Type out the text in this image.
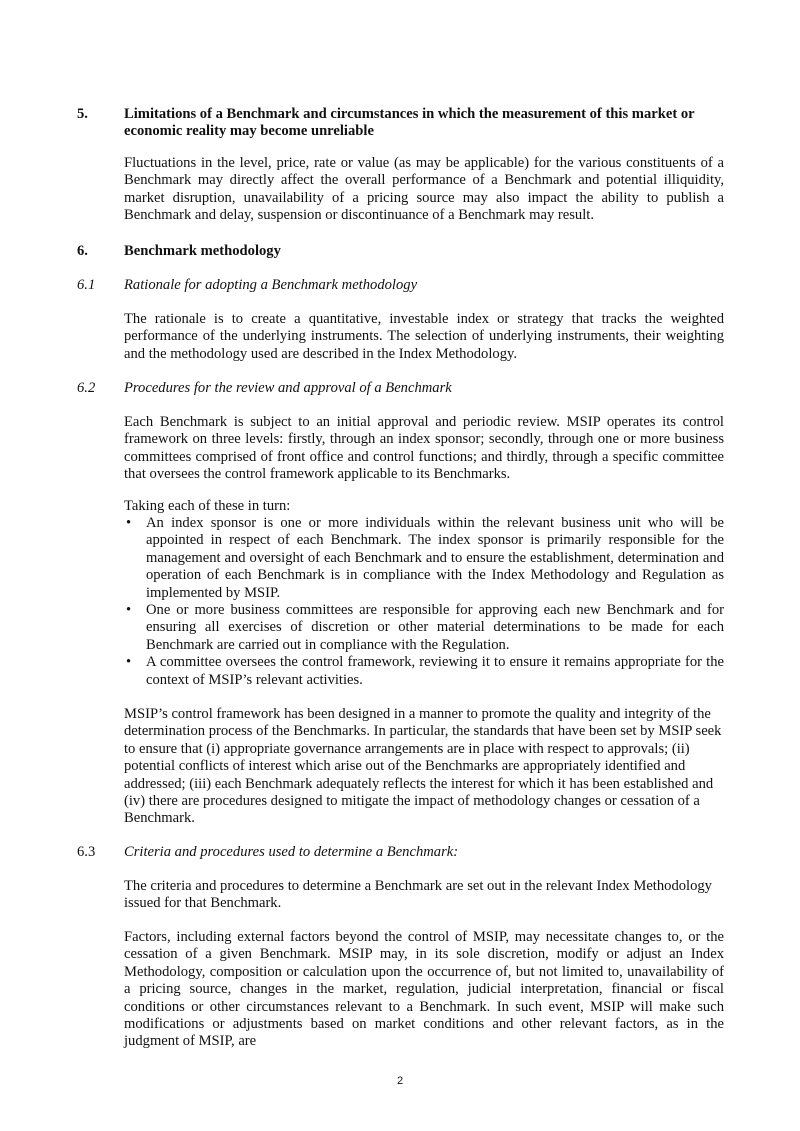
5. Limitations of a Benchmark and circumstances in which the measurement of this market or economic reality may become unreliable

Fluctuations in the level, price, rate or value (as may be applicable) for the various constituents of a Benchmark may directly affect the overall performance of a Benchmark and potential illiquidity, market disruption, unavailability of a pricing source may also impact the ability to publish a Benchmark and delay, suspension or discontinuance of a Benchmark may result.

6. Benchmark methodology
6.1 Rationale for adopting a Benchmark methodology

The rationale is to create a quantitative, investable index or strategy that tracks the weighted performance of the underlying instruments. The selection of underlying instruments, their weighting and the methodology used are described in the Index Methodology.

6.2 Procedures for the review and approval of a Benchmark

Each Benchmark is subject to an initial approval and periodic review. MSIP operates its control framework on three levels: firstly, through an index sponsor; secondly, through one or more business committees comprised of front office and control functions; and thirdly, through a specific committee that oversees the control framework applicable to its Benchmarks.

Taking each of these in turn:

• An index sponsor is one or more individuals within the relevant business unit who will be appointed in respect of each Benchmark. The index sponsor is primarily responsible for the management and oversight of each Benchmark and to ensure the establishment, determination and operation of each Benchmark is in compliance with the Index Methodology and Regulation as implemented by MSIP.
• One or more business committees are responsible for approving each new Benchmark and for ensuring all exercises of discretion or other material determinations to be made for each Benchmark are carried out in compliance with the Regulation.
• A committee oversees the control framework, reviewing it to ensure it remains appropriate for the context of MSIP’s relevant activities.

MSIP’s control framework has been designed in a manner to promote the quality and integrity of the determination process of the Benchmarks. In particular, the standards that have been set by MSIP seek to ensure that (i) appropriate governance arrangements are in place with respect to approvals; (ii) potential conflicts of interest which arise out of the Benchmarks are appropriately identified and addressed; (iii) each Benchmark adequately reflects the interest for which it has been established and (iv) there are procedures designed to mitigate the impact of methodology changes or cessation of a Benchmark.

6.3 Criteria and procedures used to determine a Benchmark:

The criteria and procedures to determine a Benchmark are set out in the relevant Index Methodology issued for that Benchmark.

Factors, including external factors beyond the control of MSIP, may necessitate changes to, or the cessation of a given Benchmark. MSIP may, in its sole discretion, modify or adjust an Index Methodology, composition or calculation upon the occurrence of, but not limited to, unavailability of a pricing source, changes in the market, regulation, judicial interpretation, financial or fiscal conditions or other circumstances relevant to a Benchmark. In such event, MSIP will make such modifications or adjustments based on market conditions and other relevant factors, as in the judgment of MSIP, are

2
